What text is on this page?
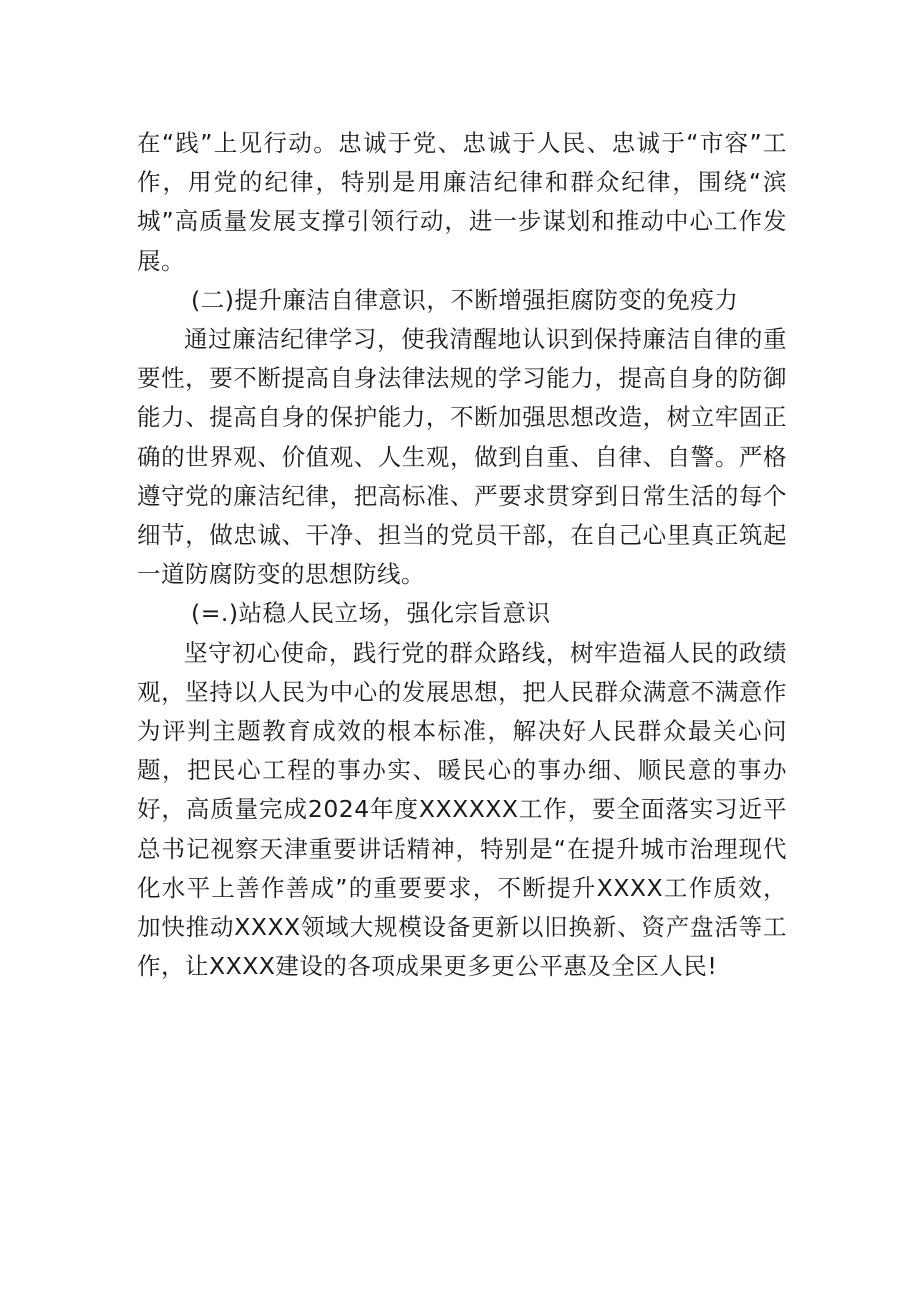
在“践”上见行动。忠诚于党、忠诚于人民、忠诚于“市容”工作，用党的纪律，特别是用廉洁纪律和群众纪律，围绕“滨城”高质量发展支撑引领行动，进一步谋划和推动中心工作发展。

(二)提升廉洁自律意识，不断增强拒腐防变的免疫力

通过廉洁纪律学习，使我清醒地认识到保持廉洁自律的重要性，要不断提高自身法律法规的学习能力，提高自身的防御能力、提高自身的保护能力，不断加强思想改造，树立牢固正确的世界观、价值观、人生观，做到自重、自律、自警。严格遵守党的廉洁纪律，把高标准、严要求贯穿到日常生活的每个细节，做忠诚、干净、担当的党员干部，在自己心里真正筑起一道防腐防变的思想防线。

(=.)站稳人民立场，强化宗旨意识

坚守初心使命，践行党的群众路线，树牢造福人民的政绩观，坚持以人民为中心的发展思想，把人民群众满意不满意作为评判主题教育成效的根本标准，解决好人民群众最关心问题，把民心工程的事办实、暖民心的事办细、顺民意的事办好，高质量完成2024年度XXXXXX工作，要全面落实习近平总书记视察天津重要讲话精神，特别是“在提升城市治理现代化水平上善作善成”的重要要求，不断提升XXXX工作质效，加快推动XXXX领域大规模设备更新以旧换新、资产盘活等工作，让XXXX建设的各项成果更多更公平惠及全区人民!
